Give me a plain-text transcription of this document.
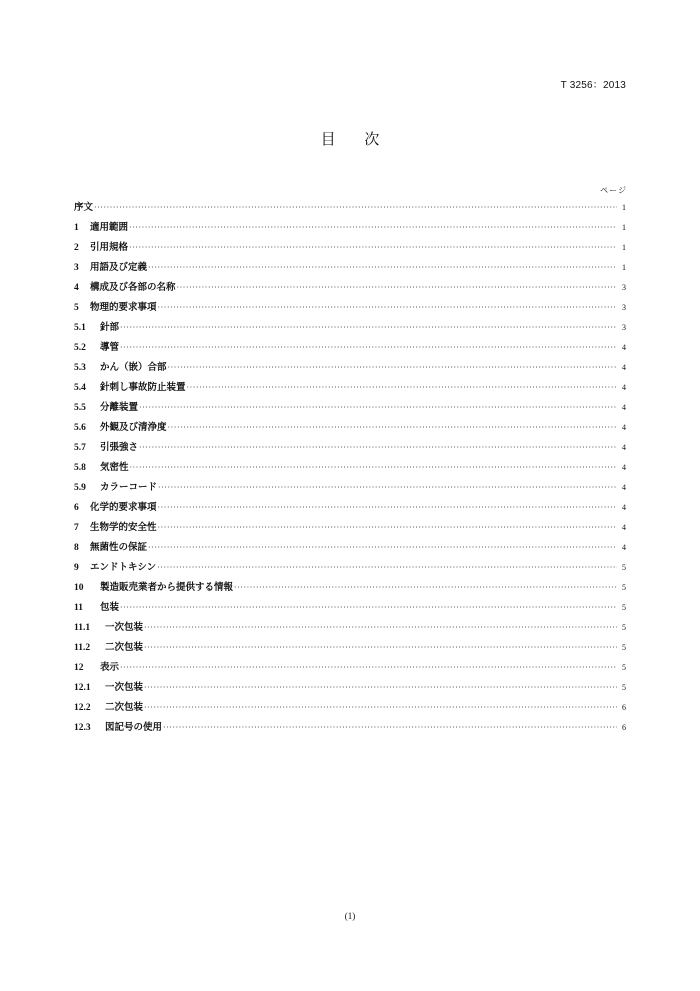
T 3256：2013
目 次
ページ
序文 ·····	1
1	適用範囲 ·····	1
2	引用規格 ·····	1
3	用語及び定義 ·····	1
4	構成及び各部の名称 ·····	3
5	物理的要求事項 ·····	3
5.1	針部 ·····	3
5.2	導管 ·····	4
5.3	かん（嵌）合部 ·····	4
5.4	針刺し事故防止装置 ·····	4
5.5	分離装置 ·····	4
5.6	外観及び清浄度 ·····	4
5.7	引張強さ ·····	4
5.8	気密性 ·····	4
5.9	カラーコード ·····	4
6	化学的要求事項 ·····	4
7	生物学的安全性 ·····	4
8	無菌性の保証 ·····	4
9	エンドトキシン ·····	5
10	製造販売業者から提供する情報 ·····	5
11	包装 ·····	5
11.1	一次包装 ·····	5
11.2	二次包装 ·····	5
12	表示 ·····	5
12.1	一次包装 ·····	5
12.2	二次包装 ·····	6
12.3	図記号の使用 ·····	6
(1)
